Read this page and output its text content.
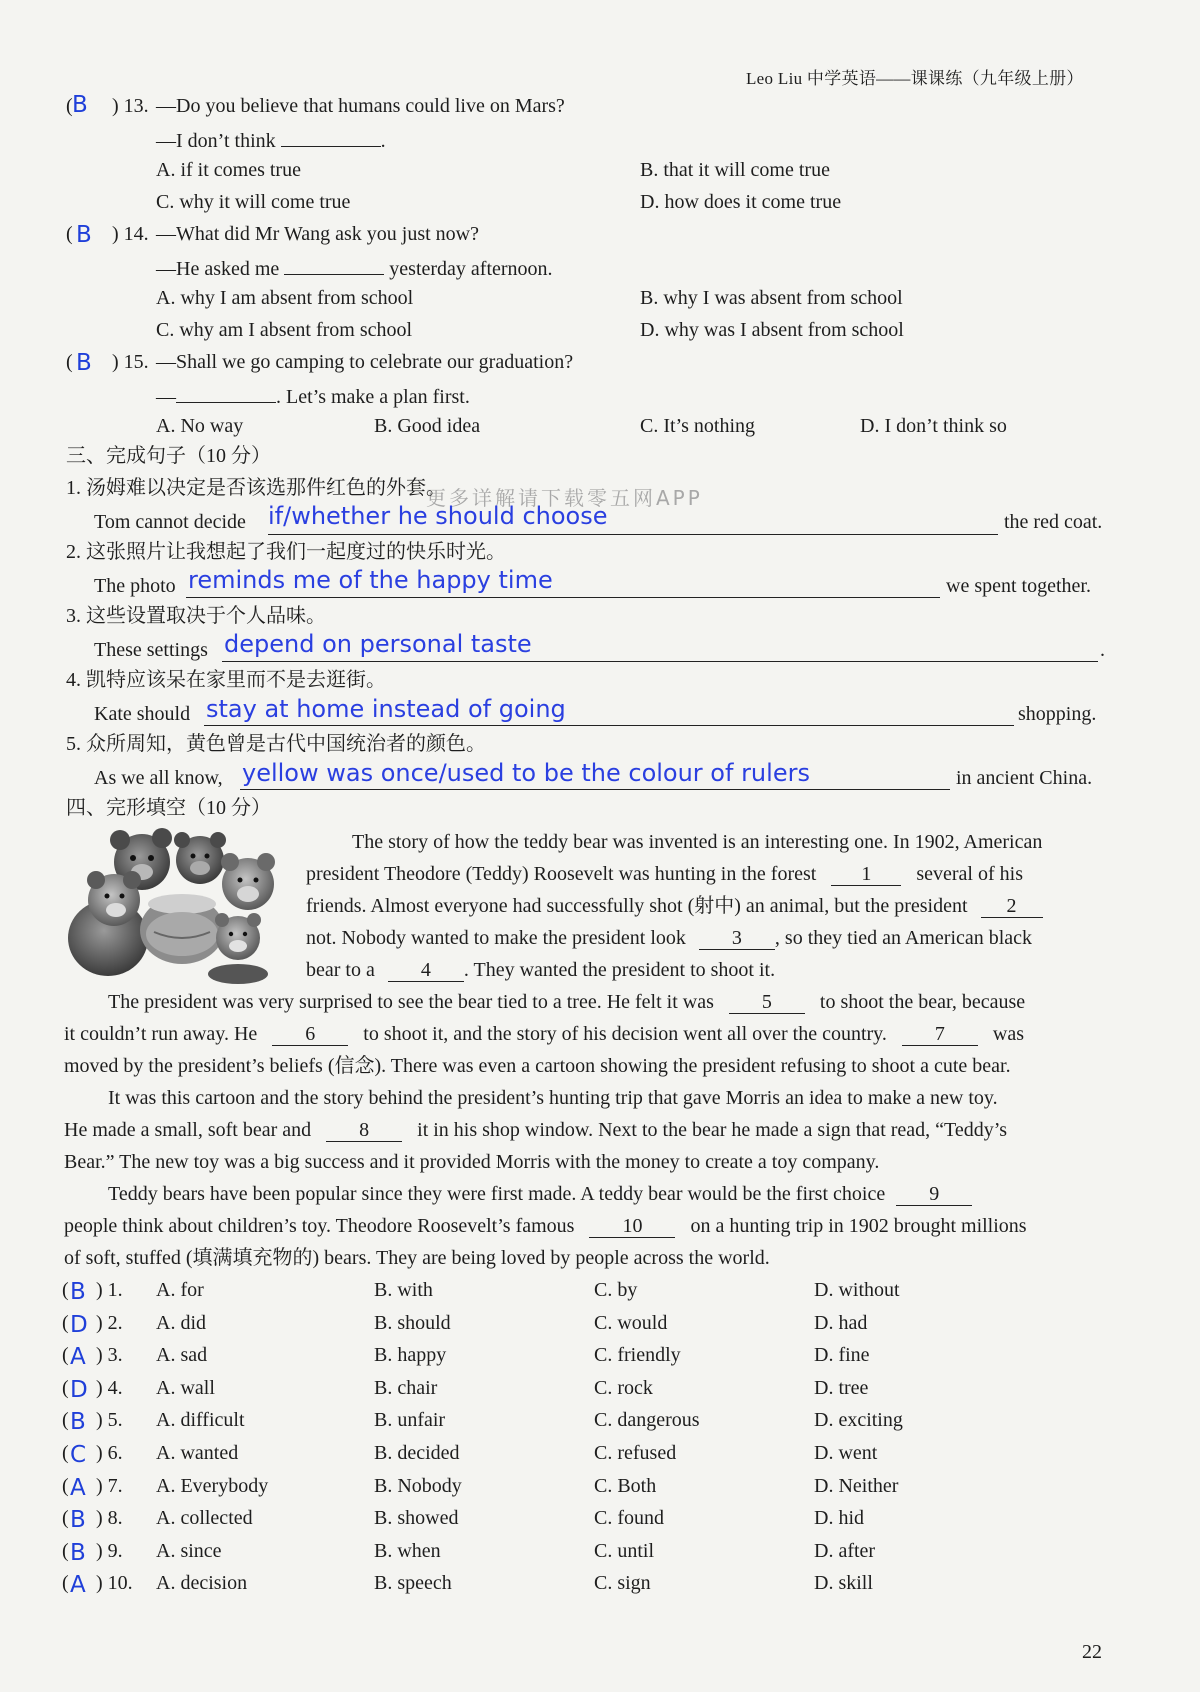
Leo Liu 中学英语——课课练（九年级上册）
( B ) 13. —Do you believe that humans could live on Mars?
—I don’t think	.
A. if it comes true	B. that it will come true
C. why it will come true	D. how does it come true
( B ) 14. —What did Mr Wang ask you just now?
—He asked me	yesterday afternoon.
A. why I am absent from school	B. why I was absent from school
C. why am I absent from school	D. why was I absent from school
( B ) 15. —Shall we go camping to celebrate our graduation?
—	. Let’s make a plan first.
A. No way	B. Good idea	C. It’s nothing	D. I don’t think so
三、完成句子（10 分）
更多详解请下载零五网APP
1. 汤姆难以决定是否该选那件红色的外套。
Tom cannot decide if/whether he should choose	the red coat.
2. 这张照片让我想起了我们一起度过的快乐时光。
The photo reminds me of the happy time	we spent together.
3. 这些设置取决于个人品味。
These settings depend on personal taste	.
4. 凯特应该呆在家里而不是去逛街。
Kate should stay at home instead of going	shopping.
5. 众所周知，黄色曾是古代中国统治者的颜色。
As we all know, yellow was once/used to be the colour of rulers	in ancient China.
四、完形填空（10 分）
The story of how the teddy bear was invented is an interesting one. In 1902, American
president Theodore (Teddy) Roosevelt was hunting in the forest 1 several of his
friends. Almost everyone had successfully shot (射中) an animal, but the president 2
not. Nobody wanted to make the president look 3 , so they tied an American black
bear to a 4 . They wanted the president to shoot it.
The president was very surprised to see the bear tied to a tree. He felt it was 5 to shoot the bear, because
it couldn’t run away. He 6 to shoot it, and the story of his decision went all over the country. 7 was
moved by the president’s beliefs (信念). There was even a cartoon showing the president refusing to shoot a cute bear.
It was this cartoon and the story behind the president’s hunting trip that gave Morris an idea to make a new toy.
He made a small, soft bear and 8 it in his shop window. Next to the bear he made a sign that read, “Teddy’s
Bear.” The new toy was a big success and it provided Morris with the money to create a toy company.
Teddy bears have been popular since they were first made. A teddy bear would be the first choice 9
people think about children’s toy. Theodore Roosevelt’s famous 10 on a hunting trip in 1902 brought millions
of soft, stuffed (填满填充物的) bears. They are being loved by people across the world.
( B ) 1. A. for	B. with	C. by	D. without
( D ) 2. A. did	B. should	C. would	D. had
( A ) 3. A. sad	B. happy	C. friendly	D. fine
( D ) 4. A. wall	B. chair	C. rock	D. tree
( B ) 5. A. difficult	B. unfair	C. dangerous	D. exciting
( C ) 6. A. wanted	B. decided	C. refused	D. went
( A ) 7. A. Everybody	B. Nobody	C. Both	D. Neither
( B ) 8. A. collected	B. showed	C. found	D. hid
( B ) 9. A. since	B. when	C. until	D. after
( A ) 10. A. decision	B. speech	C. sign	D. skill
22
